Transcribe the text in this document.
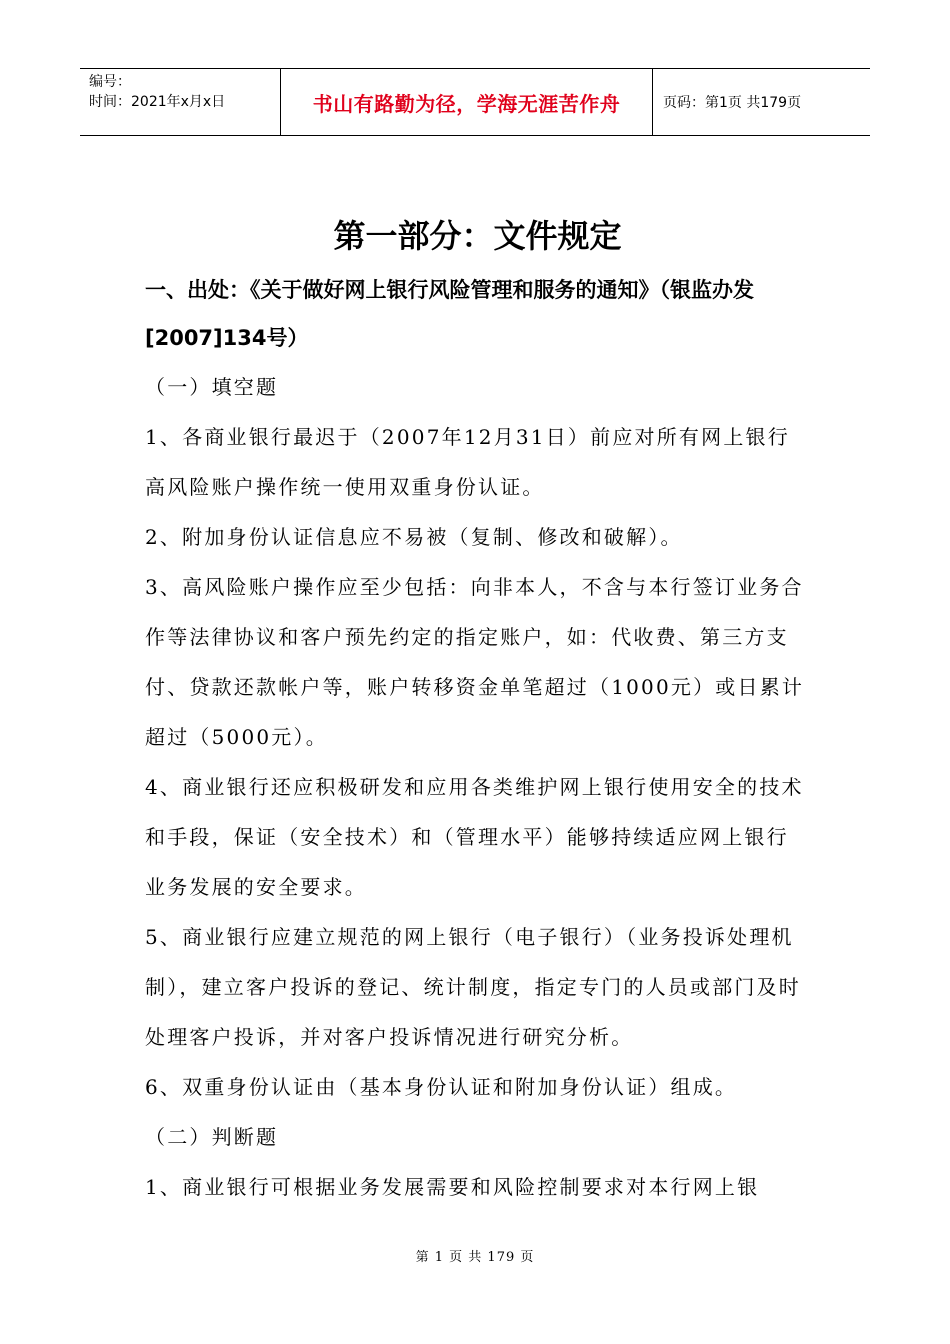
编号：
时间：2021年x月x日	书山有路勤为径，学海无涯苦作舟	页码：第1页 共179页
第一部分：文件规定
一、出处：《关于做好网上银行风险管理和服务的通知》（银监办发[2007]134号）

（一）填空题

1、各商业银行最迟于（2007年12月31日）前应对所有网上银行高风险账户操作统一使用双重身份认证。

2、附加身份认证信息应不易被（复制、修改和破解）。

3、高风险账户操作应至少包括：向非本人，不含与本行签订业务合作等法律协议和客户预先约定的指定账户，如：代收费、第三方支付、贷款还款帐户等，账户转移资金单笔超过（1000元）或日累计超过（5000元）。

4、商业银行还应积极研发和应用各类维护网上银行使用安全的技术和手段，保证（安全技术）和（管理水平）能够持续适应网上银行业务发展的安全要求。

5、商业银行应建立规范的网上银行（电子银行）（业务投诉处理机制），建立客户投诉的登记、统计制度，指定专门的人员或部门及时处理客户投诉，并对客户投诉情况进行研究分析。

6、双重身份认证由（基本身份认证和附加身份认证）组成。

（二）判断题

1、商业银行可根据业务发展需要和风险控制要求对本行网上银

第 1 页 共 179 页
